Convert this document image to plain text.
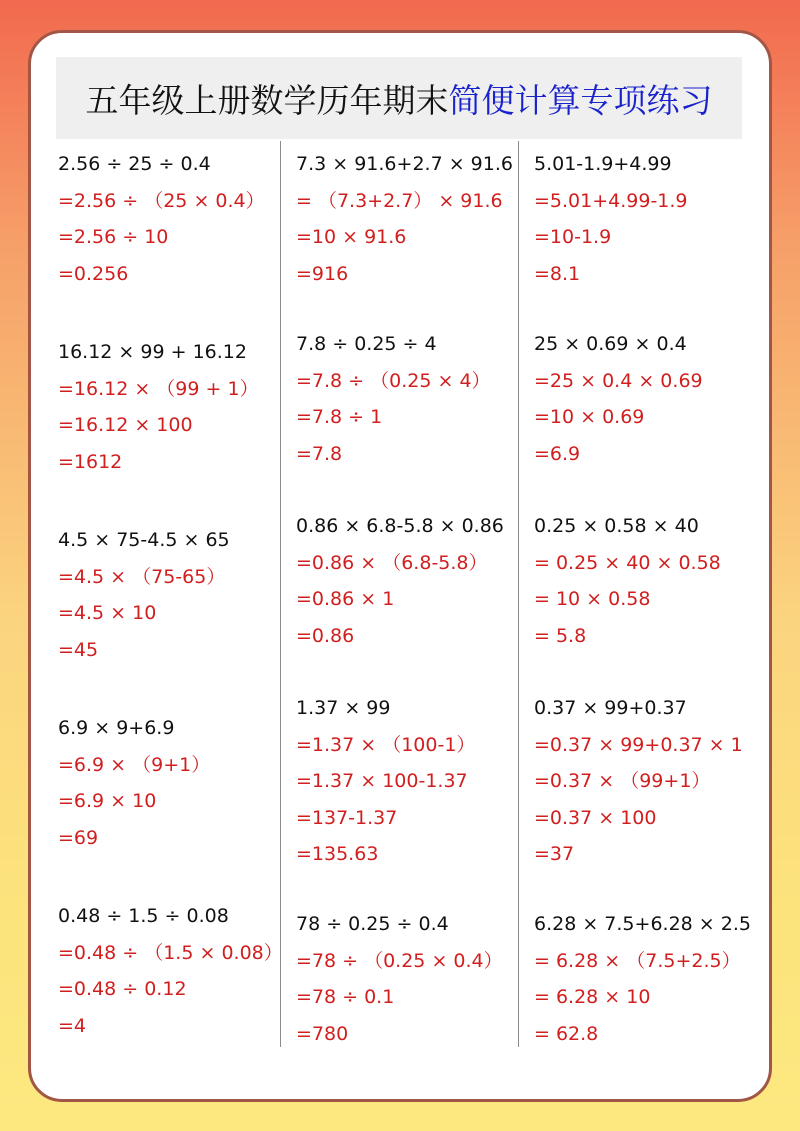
五年级上册数学历年期末简便计算专项练习
2.56 ÷ 25 ÷ 0.4
=2.56 ÷ （25 × 0.4）
=2.56 ÷ 10
=0.256
16.12 × 99 + 16.12
=16.12 × （99 + 1）
=16.12 × 100
=1612
4.5 × 75-4.5 × 65
=4.5 × （75-65）
=4.5 × 10
=45
6.9 × 9+6.9
=6.9 × （9+1）
=6.9 × 10
=69
0.48 ÷ 1.5 ÷ 0.08
=0.48 ÷ （1.5 × 0.08）
=0.48 ÷ 0.12
=4
7.3 × 91.6+2.7 × 91.6
= （7.3+2.7） × 91.6
=10 × 91.6
=916
7.8 ÷ 0.25 ÷ 4
=7.8 ÷ （0.25 × 4）
=7.8 ÷ 1
=7.8
0.86 × 6.8-5.8 × 0.86
=0.86 × （6.8-5.8）
=0.86 × 1
=0.86
1.37 × 99
=1.37 × （100-1）
=1.37 × 100-1.37
=137-1.37
=135.63
78 ÷ 0.25 ÷ 0.4
=78 ÷ （0.25 × 0.4）
=78 ÷ 0.1
=780
5.01-1.9+4.99
=5.01+4.99-1.9
=10-1.9
=8.1
25 × 0.69 × 0.4
=25 × 0.4 × 0.69
=10 × 0.69
=6.9
0.25 × 0.58 × 40
= 0.25 × 40 × 0.58
= 10 × 0.58
= 5.8
0.37 × 99+0.37
=0.37 × 99+0.37 × 1
=0.37 × （99+1）
=0.37 × 100
=37
6.28 × 7.5+6.28 × 2.5
= 6.28 × （7.5+2.5）
= 6.28 × 10
= 62.8
